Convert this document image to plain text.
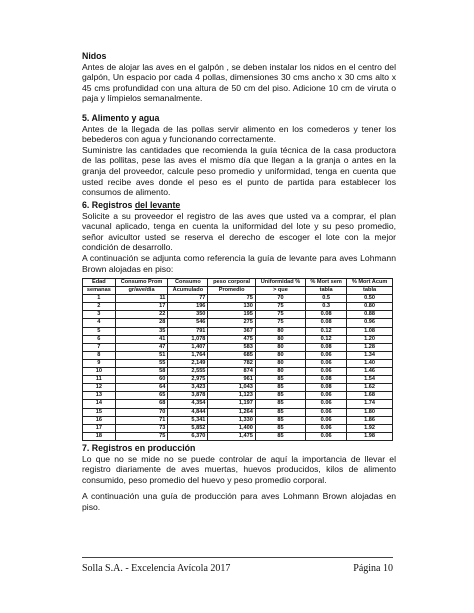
Nidos

Antes de alojar las aves en el galpón , se deben instalar los nidos en el centro del galpón, Un espacio por cada 4 pollas, dimensiones 30 cms ancho x 30 cms alto x 45 cms profundidad con una altura de 50 cm del piso. Adicione 10 cm de viruta o paja y límpielos semanalmente.

5. Alimento y agua

Antes de la llegada de las pollas servir alimento en los comederos y tener los bebederos con agua y funcionando correctamente.

Suministre las cantidades que recomienda la guía técnica de la casa productora de las pollitas, pese las aves el mismo día que llegan a la granja o antes en la granja del proveedor, calcule peso promedio y uniformidad, tenga en cuenta que usted recibe aves donde el peso es el punto de partida para establecer los consumos de alimento.

6. Registros del levante

Solicite a su proveedor el registro de las aves que usted va a comprar, el plan vacunal aplicado, tenga en cuenta la uniformidad del lote y su peso promedio, señor avicultor usted se reserva el derecho de escoger el lote con la mejor condición de desarrollo.

A continuación se adjunta como referencia la guía de levante para aves Lohmann Brown alojadas en piso:

Edad	Consumo Prom	Consumo	peso corporal	Uniformidad %	% Mort sem	% Mort Acum
semanas	gr/ave/dia	Acumulado	Promedio	> que	tabla	tabla
1	11	77	75	70	0.5	0.50
2	17	196	130	75	0.3	0.80
3	22	350	195	75	0.08	0.88
4	28	546	275	75	0.08	0.96
5	35	791	367	80	0.12	1.08
6	41	1,078	475	80	0.12	1.20
7	47	1,407	583	80	0.08	1.28
8	51	1,764	685	80	0.06	1.34
9	55	2,149	782	80	0.06	1.40
10	58	2,555	874	80	0.06	1.46
11	60	2,975	961	85	0.08	1.54
12	64	3,423	1,043	85	0.08	1.62
13	65	3,878	1,123	85	0.06	1.68
14	68	4,354	1,197	85	0.06	1.74
15	70	4,844	1,264	85	0.06	1.80
16	71	5,341	1,330	85	0.06	1.86
17	73	5,852	1,400	85	0.06	1.92
18	75	6,370	1,475	85	0.06	1.98
7. Registros en producción

Lo que no se mide no se puede controlar de aquí la importancia de llevar el registro diariamente de aves muertas, huevos producidos, kilos de alimento consumido, peso promedio del huevo y peso promedio corporal.

A continuación una guía de producción para aves Lohmann Brown alojadas en piso.

Solla S.A. - Excelencia Avícola 2017	Página 10
